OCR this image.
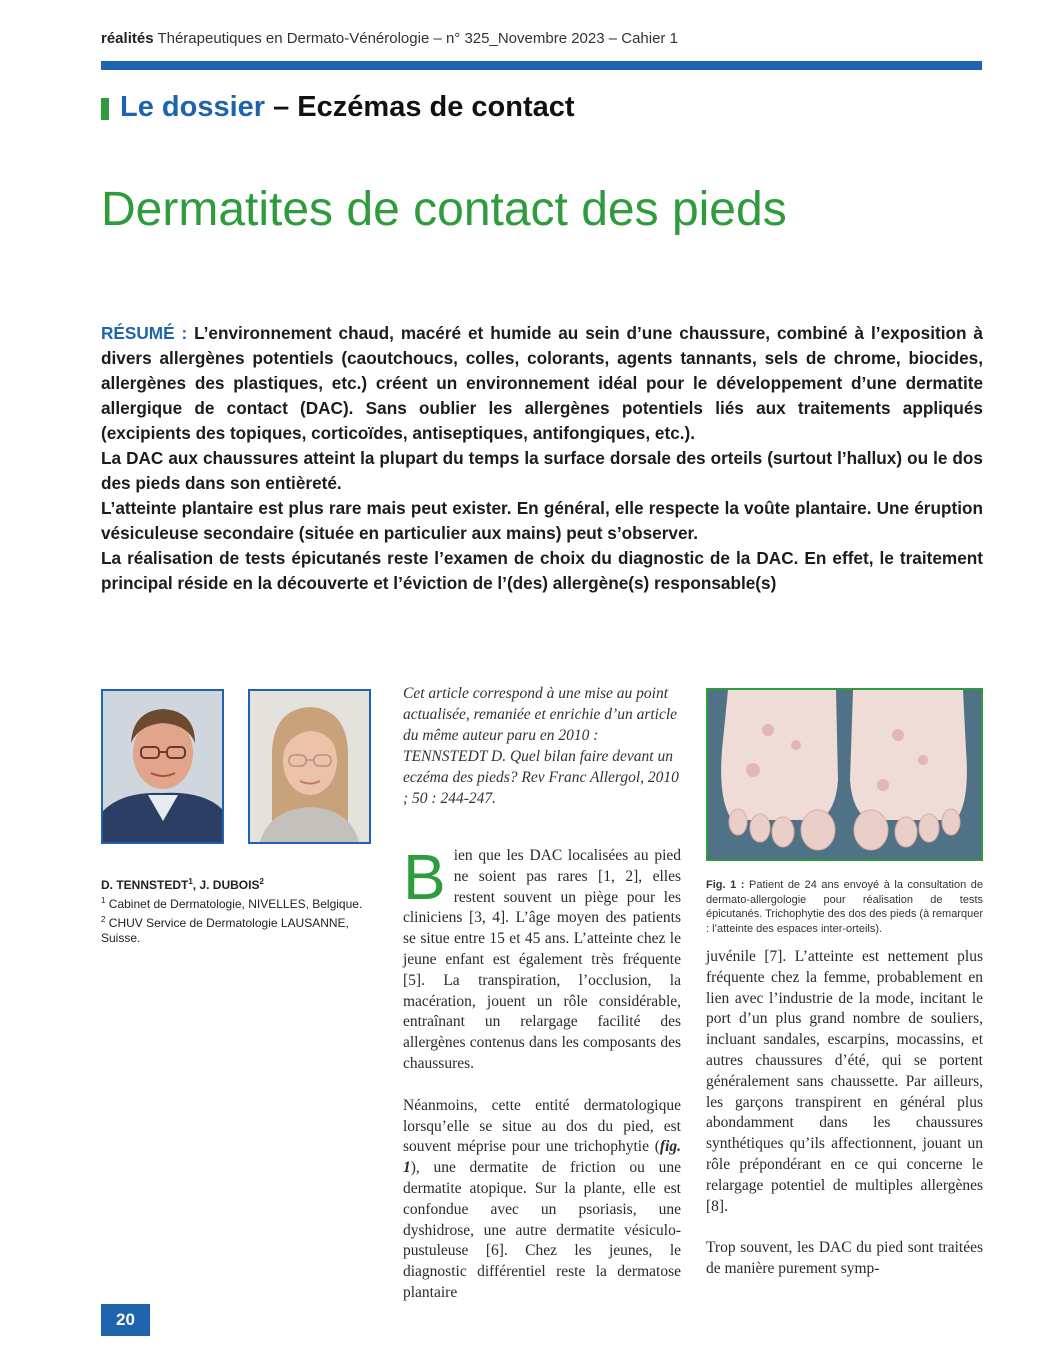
réalités Thérapeutiques en Dermato-Vénérologie – n° 325_Novembre 2023 – Cahier 1
Le dossier – Eczémas de contact
Dermatites de contact des pieds

RÉSUMÉ : L’environnement chaud, macéré et humide au sein d’une chaussure, combiné à l’exposition à divers allergènes potentiels (caoutchoucs, colles, colorants, agents tannants, sels de chrome, biocides, allergènes des plastiques, etc.) créent un environnement idéal pour le développement d’une dermatite allergique de contact (DAC). Sans oublier les allergènes potentiels liés aux traitements appliqués (excipients des topiques, corticoïdes, antiseptiques, antifongiques, etc.).

La DAC aux chaussures atteint la plupart du temps la surface dorsale des orteils (surtout l’hallux) ou le dos des pieds dans son entièreté.

L’atteinte plantaire est plus rare mais peut exister. En général, elle respecte la voûte plantaire. Une éruption vésiculeuse secondaire (située en particulier aux mains) peut s’observer.

La réalisation de tests épicutanés reste l’examen de choix du diagnostic de la DAC. En effet, le traitement principal réside en la découverte et l’éviction de l’(des) allergène(s) responsable(s)

D. TENNSTEDT$^1$, J. DUBOIS$^2$
$^1$ Cabinet de Dermatologie, NIVELLES, Belgique.
$^2$ CHUV Service de Dermatologie LAUSANNE, Suisse.
Cet article correspond à une mise au point actualisée, remaniée et enrichie d’un article du même auteur paru en 2010 : TENNSTEDT D. Quel bilan faire devant un eczéma des pieds? Rev Franc Allergol, 2010 ; 50 : 244-247.

Bien que les DAC localisées au pied ne soient pas rares [1, 2], elles restent souvent un piège pour les cliniciens [3, 4]. L’âge moyen des patients se situe entre 15 et 45 ans. L’atteinte chez le jeune enfant est également très fréquente [5]. La transpiration, l’occlusion, la macération, jouent un rôle considérable, entraînant un relargage facilité des allergènes contenus dans les composants des chaussures.

Néanmoins, cette entité dermatologique lorsqu’elle se situe au dos du pied, est souvent méprise pour une trichophytie (fig. 1), une dermatite de friction ou une dermatite atopique. Sur la plante, elle est confondue avec un psoriasis, une dyshidrose, une autre dermatite vésiculo-pustuleuse [6]. Chez les jeunes, le diagnostic différentiel reste la dermatose plantaire

Fig. 1 : Patient de 24 ans envoyé à la consultation de dermato-allergologie pour réalisation de tests épicutanés. Trichophytie des dos des pieds (à remarquer : l’atteinte des espaces inter-orteils).

juvénile [7]. L’atteinte est nettement plus fréquente chez la femme, probablement en lien avec l’industrie de la mode, incitant le port d’un plus grand nombre de souliers, incluant sandales, escarpins, mocassins, et autres chaussures d’été, qui se portent généralement sans chaussette. Par ailleurs, les garçons transpirent en général plus abondamment dans les chaussures synthétiques qu’ils affectionnent, jouant un rôle prépondérant en ce qui concerne le relargage potentiel de multiples allergènes [8].

Trop souvent, les DAC du pied sont traitées de manière purement symp-

20
